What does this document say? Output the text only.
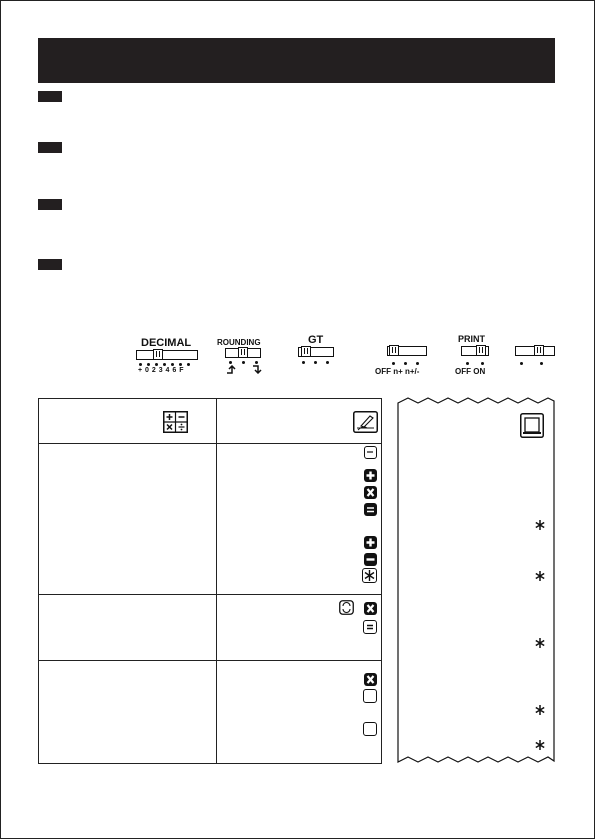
DECIMAL
+ 0 2 3 4 6 F
ROUNDING	GT
OFF n+ n+/-
PRINT
OFF ON
